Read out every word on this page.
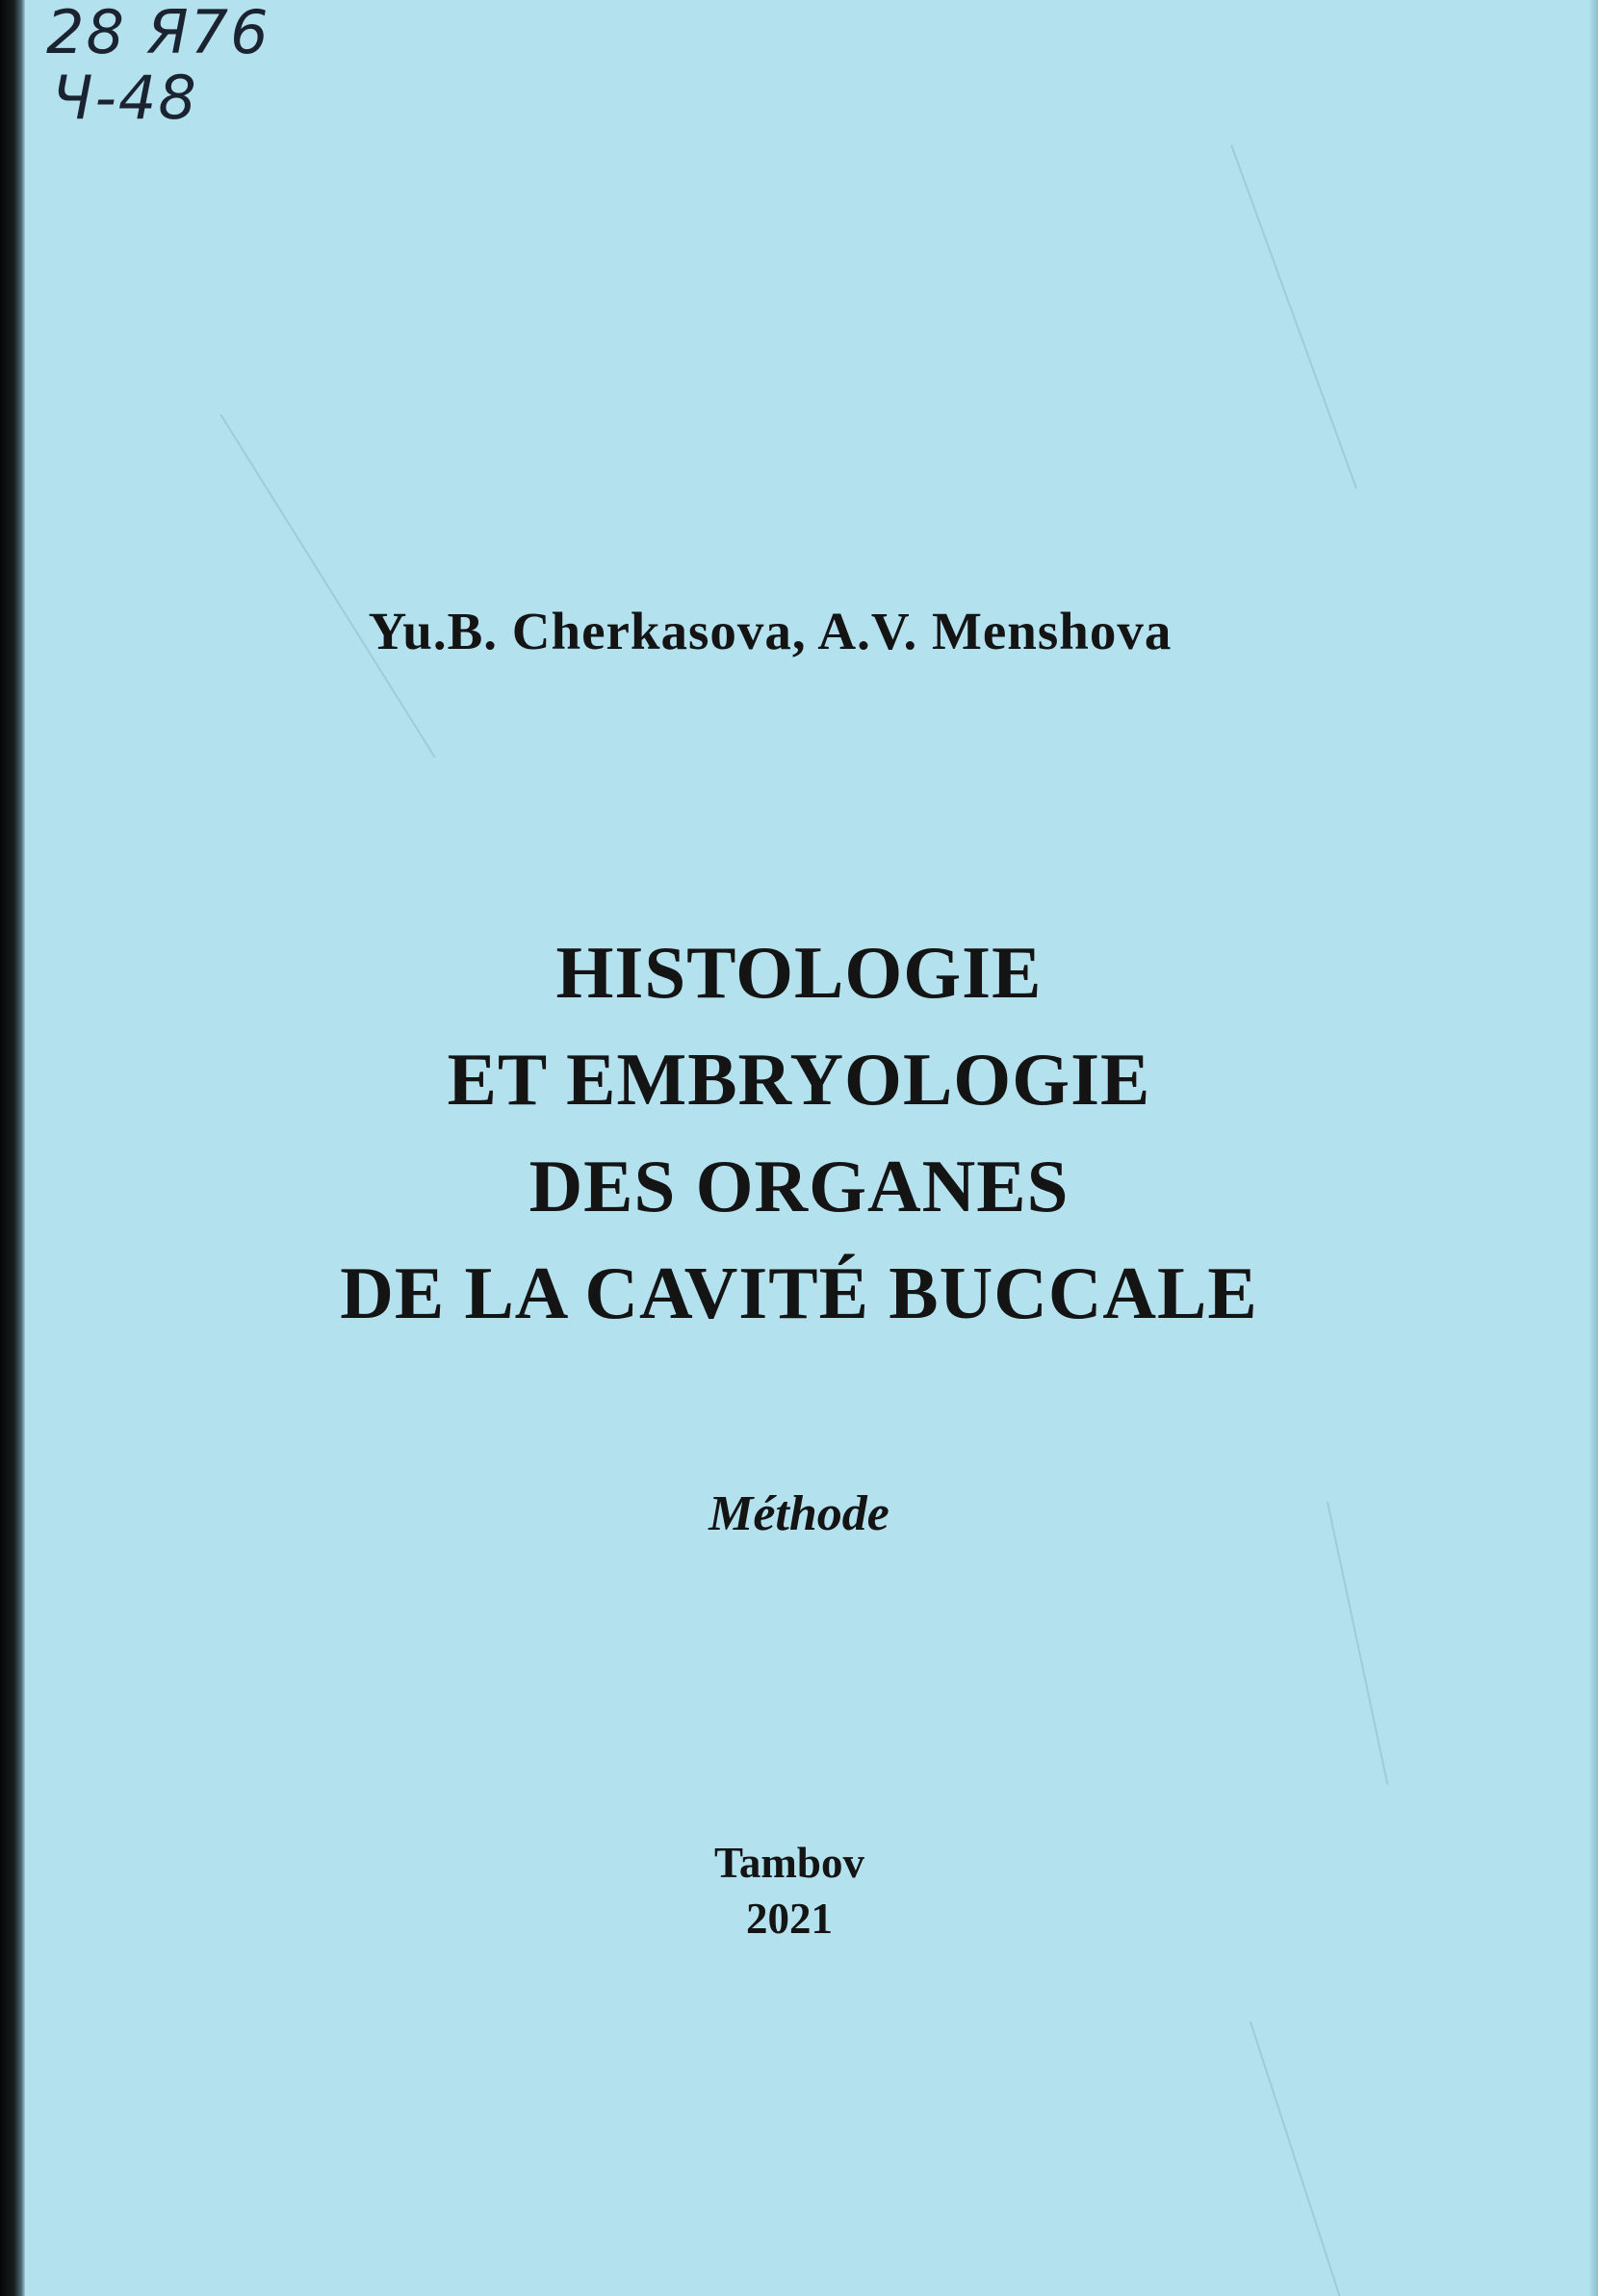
28 Я76
Ч-48
Yu.B. Cherkasova, A.V. Menshova
HISTOLOGIE
ET EMBRYOLOGIE
DES ORGANES
DE LA CAVITÉ BUCCALE
Méthode
Tambov
2021
